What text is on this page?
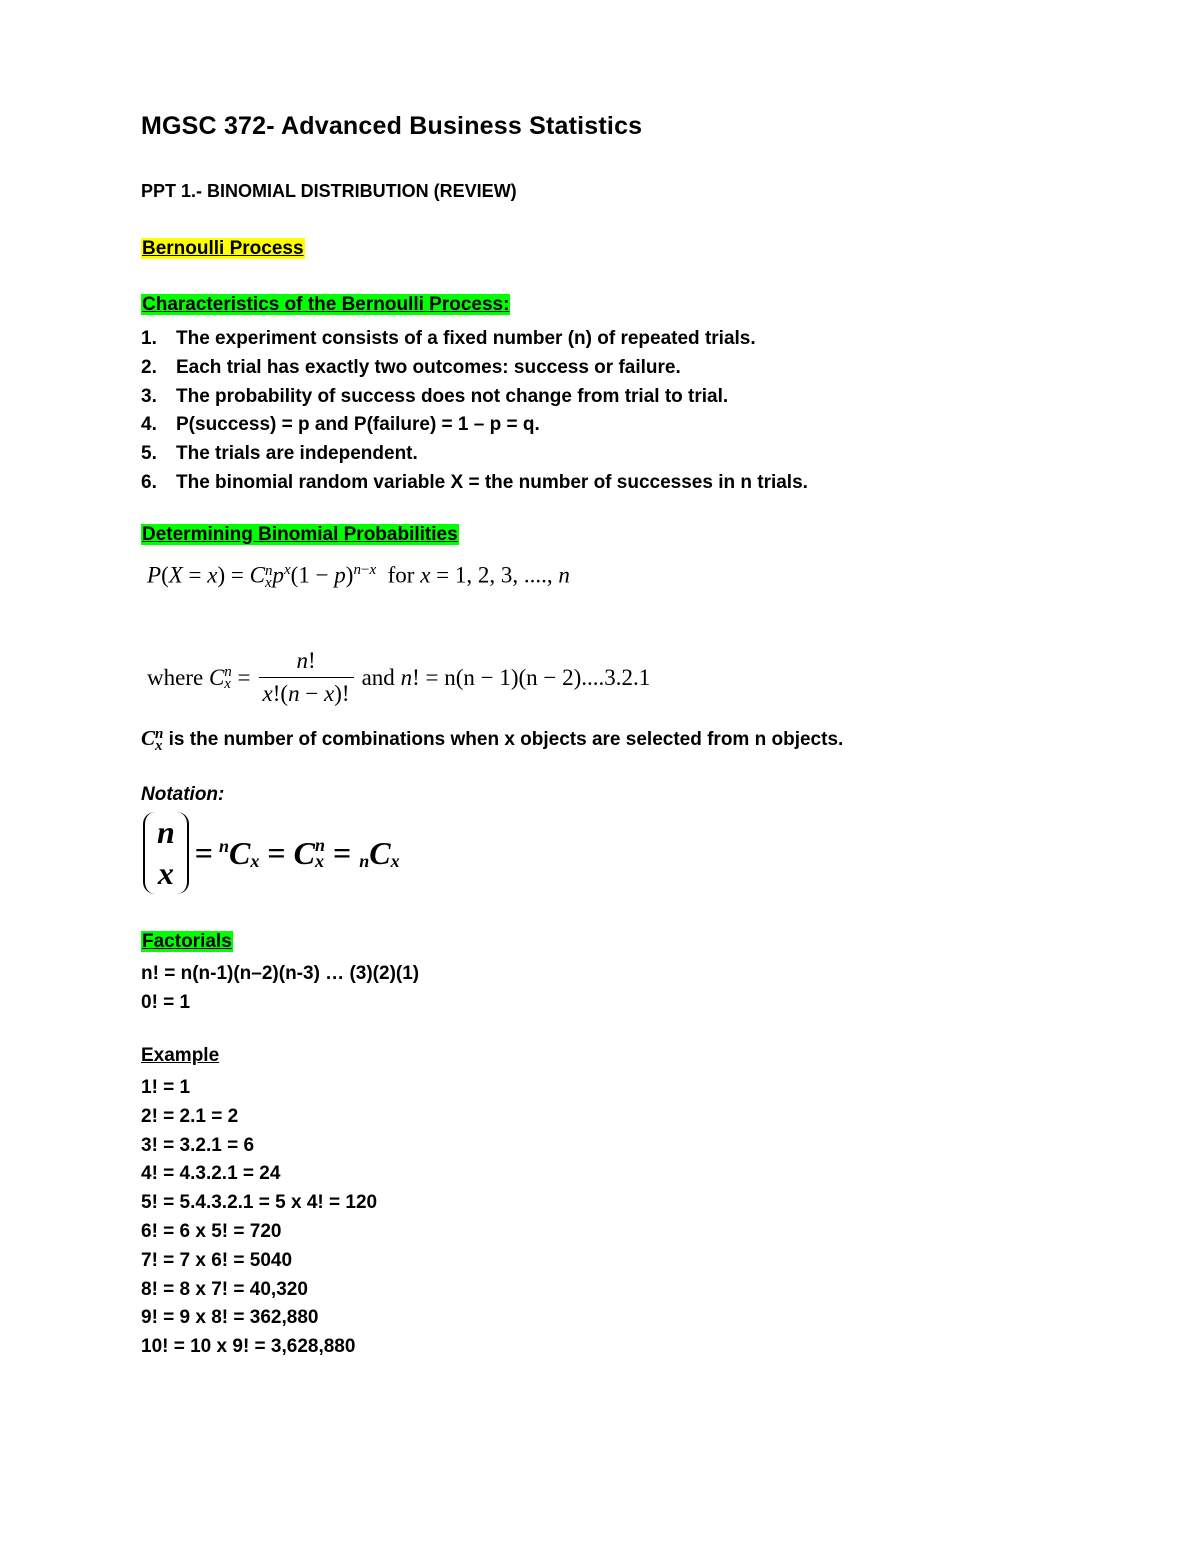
MGSC 372- Advanced Business Statistics
PPT 1.- BINOMIAL DISTRIBUTION (REVIEW)
Bernoulli Process
Characteristics of the Bernoulli Process:
1.	The experiment consists of a fixed number (n) of repeated trials.
2.	Each trial has exactly two outcomes: success or failure.
3.	The probability of success does not change from trial to trial.
4.	P(success) = p and P(failure) = 1 – p = q.
5.	The trials are independent.
6.	The binomial random variable X = the number of successes in n trials.
Determining Binomial Probabilities
P(X = x) = C n
x $p^x(1 - p)^{n-x}$ for x = 1, 2, 3, ...., n
where
C n
$x = \frac{n!}{x!(n - x)!}$ and
n ! = n(n − 1)(n − 2)....3.2.1
C n
x is the number of combinations when x objects are selected from n objects.
Notation:
n
x
= $^n$ $C_x = C$ n
x = $_n$ $C_x$
Factorials
n! = n(n-1)(n–2)(n-3) … (3)(2)(1)
0! = 1
Example
1! = 1
2! = 2.1 = 2
3! = 3.2.1 = 6
4! = 4.3.2.1 = 24
5! = 5.4.3.2.1 = 5 x 4! = 120
6! = 6 x 5! = 720
7! = 7 x 6! = 5040
8! = 8 x 7! = 40,320
9! = 9 x 8! = 362,880
10! = 10 x 9! = 3,628,880
